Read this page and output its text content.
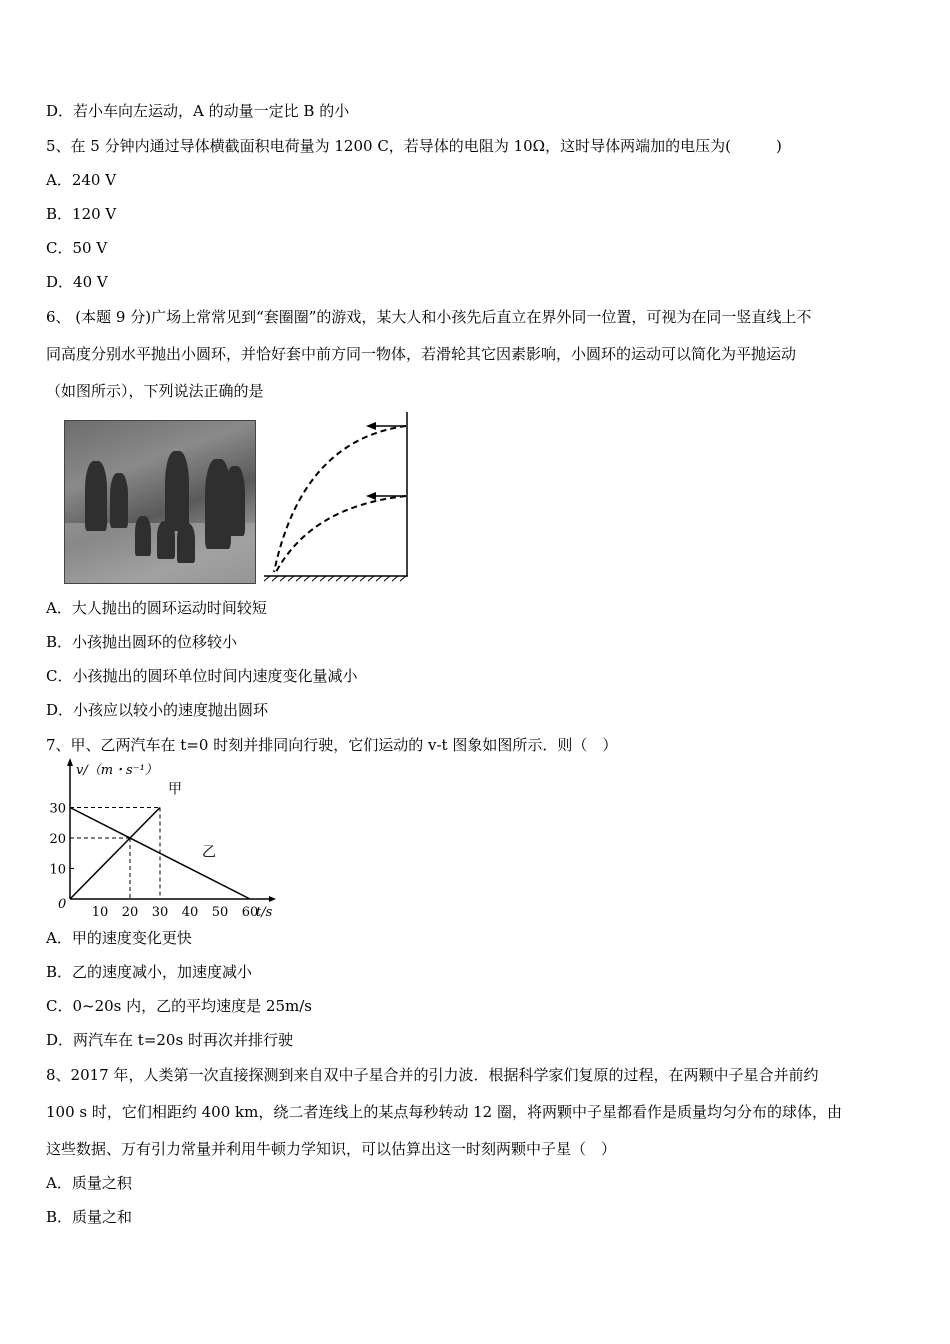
D．若小车向左运动，A 的动量一定比 B 的小
5、在 5 分钟内通过导体横截面积电荷量为 1200 C，若导体的电阻为 10Ω，这时导体两端加的电压为(　　　)
A．240 V
B．120 V
C．50 V
D．40 V
6、 (本题 9 分)广场上常常见到“套圈圈”的游戏，某大人和小孩先后直立在界外同一位置，可视为在同一竖直线上不
同高度分别水平抛出小圆环，并恰好套中前方同一物体，若滑轮其它因素影响，小圆环的运动可以简化为平抛运动
（如图所示），下列说法正确的是
A．大人抛出的圆环运动时间较短
B．小孩抛出圆环的位移较小
C．小孩抛出的圆环单位时间内速度变化量减小
D．小孩应以较小的速度抛出圆环
7、甲、乙两汽车在 t=0 时刻并排同向行驶，它们运动的 v-t 图象如图所示．则（　）
v/（m・s⁻¹）
t/s
0
10 20 30 40 50 60
10
20
30
甲
乙
A．甲的速度变化更快
B．乙的速度减小，加速度减小
C．0~20s 内，乙的平均速度是 25m/s
D．两汽车在 t=20s 时再次并排行驶
8、2017 年，人类第一次直接探测到来自双中子星合并的引力波．根据科学家们复原的过程，在两颗中子星合并前约
100 s 时，它们相距约 400 km，绕二者连线上的某点每秒转动 12 圈，将两颗中子星都看作是质量均匀分布的球体，由
这些数据、万有引力常量并利用牛顿力学知识，可以估算出这一时刻两颗中子星（　）
A．质量之积
B．质量之和
